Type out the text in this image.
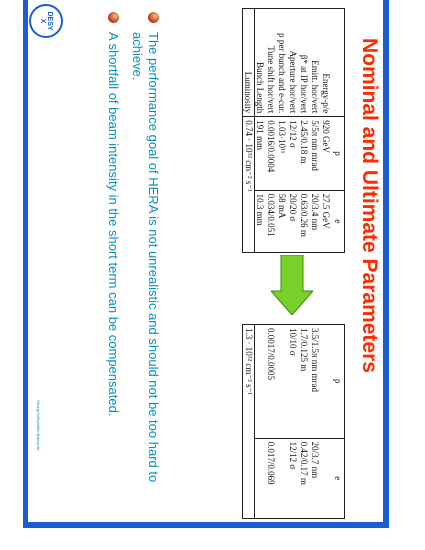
DESY
X
Nominal and Ultimate Parameters
	p	e
Energy-p/e	920 GeV	27.5 GeV
Emitt. hor/vert	5/5π nm mrad	20/3.4 nm
β* at IP hor/vert	2.45/0.18 m	0.63/0.26 m
Aperture hor/vert	12/12 σ	20/20 σ
p per bunch and e-cur.	1.03·10¹¹	58 mA
Tune shift hor/vert	0.0016/0.0004	0.034/0.051
Bunch Length	191 mm	10.3 mm
Luminosity	0.74 · 10³² cm⁻² s⁻¹	
p	e

3.5/1.5π nm mrad	20/3.7 nm
1.7/0.125 m	0.42/0.17 m
10/10 σ	12/12 σ

0.0017/0.0005	0.017/0.069

1.3 · 10³² cm⁻² s⁻¹	
The performance goal of HERA is not unrealistic and should not be too hard to achieve.
A shortfall of beam intensity in the short term can be compensated.
Georg.Hoffstaetter@desy.de
